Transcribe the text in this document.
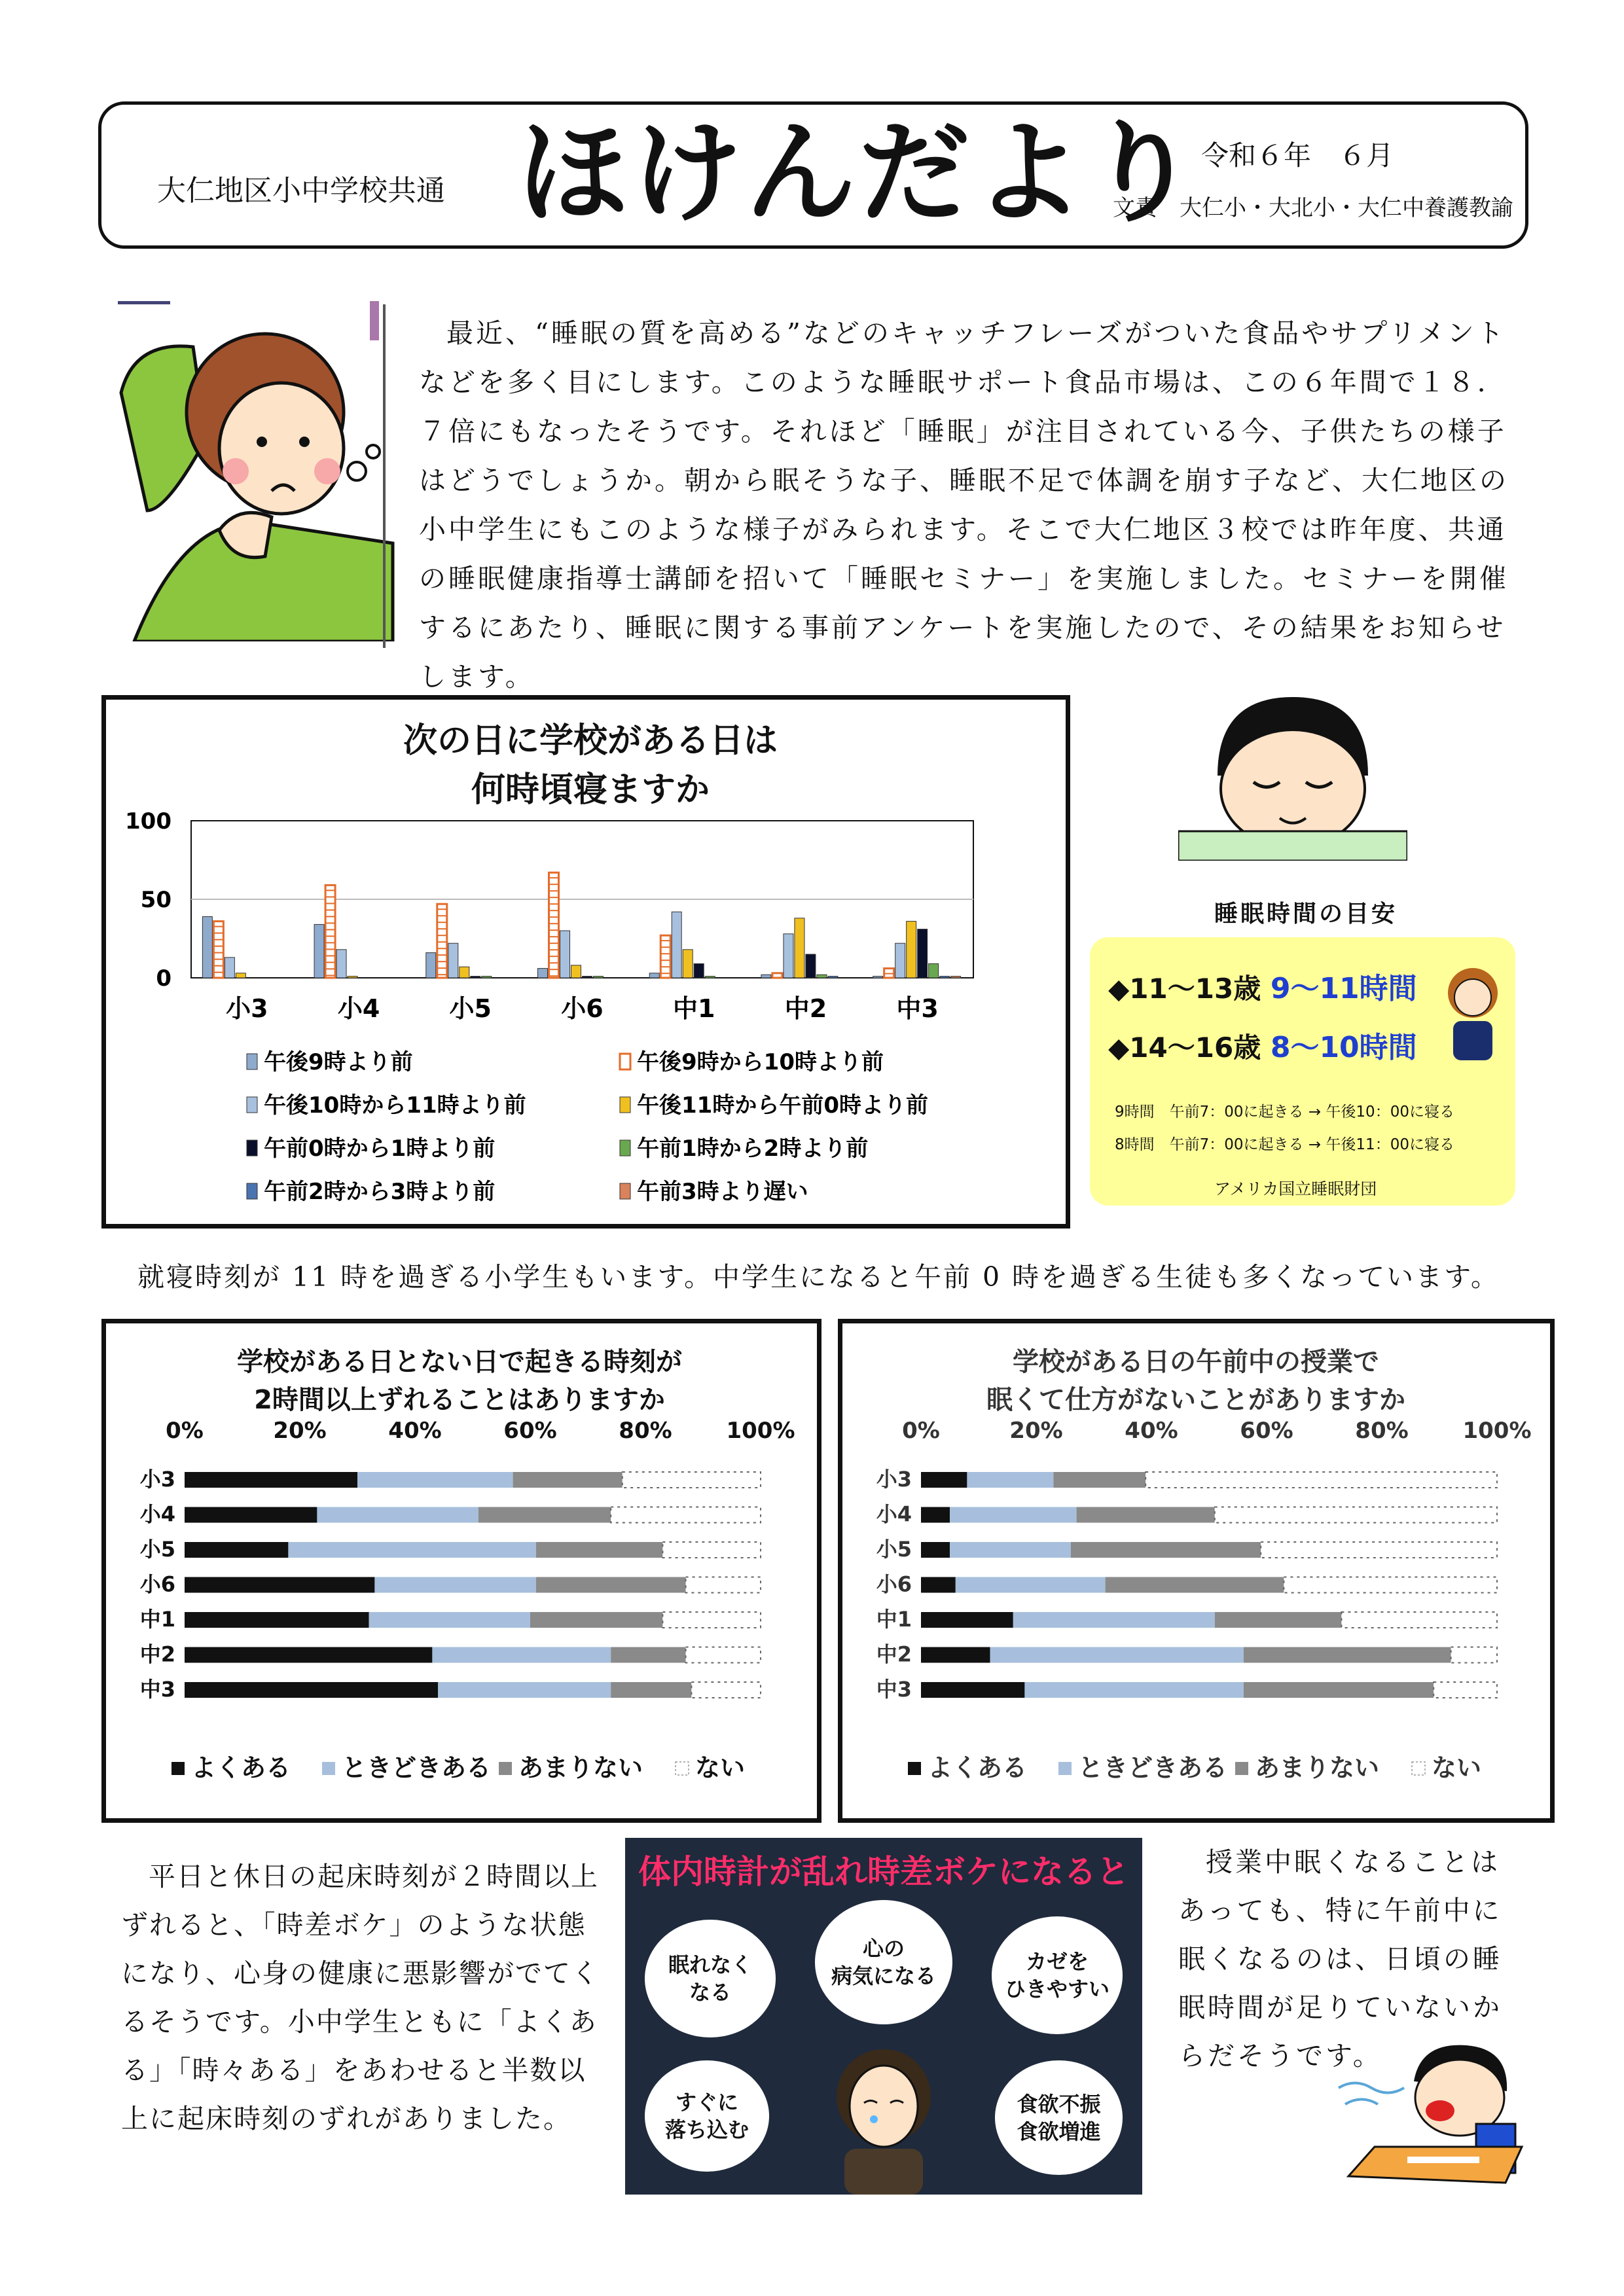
大仁地区小中学校共通 ほけんだより 令和６年　６月
文責　大仁小・大北小・大仁中養護教諭
最近、“睡眠の質を高める”などのキャッチフレーズがついた食品やサプリメントなどを多く目にします。このような睡眠サポート食品市場は、この６年間で１８．７倍にもなったそうです。それほど「睡眠」が注目されている今、子供たちの様子はどうでしょうか。朝から眠そうな子、睡眠不足で体調を崩す子など、大仁地区の小中学生にもこのような様子がみられます。そこで大仁地区３校では昨年度、共通の睡眠健康指導士講師を招いて「睡眠セミナー」を実施しました。セミナーを開催するにあたり、睡眠に関する事前アンケートを実施したので、その結果をお知らせします。
次の日に学校がある日は
何時頃寝ますか
0
50
100
小3	小4	小5	小6	中1	中2	中3
午後9時より前	午後9時から10時より前
午後10時から11時より前	午後11時から午前0時より前
午前0時から1時より前	午前1時から2時より前
午前2時から3時より前	午前3時より遅い
睡眠時間の目安
◆11～13歳 9～11時間
◆14～16歳 8～10時間
9時間　午前7：00に起きる → 午後10：00に寝る
8時間　午前7：00に起きる → 午後11：00に寝る
アメリカ国立睡眠財団
就寝時刻が 11 時を過ぎる小学生もいます。中学生になると午前 0 時を過ぎる生徒も多くなっています。
学校がある日とない日で起きる時刻が
2時間以上ずれることはありますか
0%	20%	40%	60%	80% 100%
小3
小4
小5
小6
中1
中2
中3
よくある ときどきある あまりない ない
学校がある日の午前中の授業で
眠くて仕方がないことがありますか
0%	20%	40%	60%	80% 100%
小3
小4
小5
小6
中1
中2
中3
よくある ときどきある あまりない ない
平日と休日の起床時刻が２時間以上ずれると、「時差ボケ」のような状態になり、心身の健康に悪影響がでてくるそうです。小中学生ともに「よくある」「時々ある」をあわせると半数以上に起床時刻のずれがありました。
授業中眠くなることはあっても、特に午前中に眠くなるのは、日頃の睡眠時間が足りていないからだそうです。
体内時計が乱れ時差ボケになると
眠れなく
なる
心の
病気になる
カゼを
ひきやすい
すぐに
落ち込む
食欲不振
食欲増進
